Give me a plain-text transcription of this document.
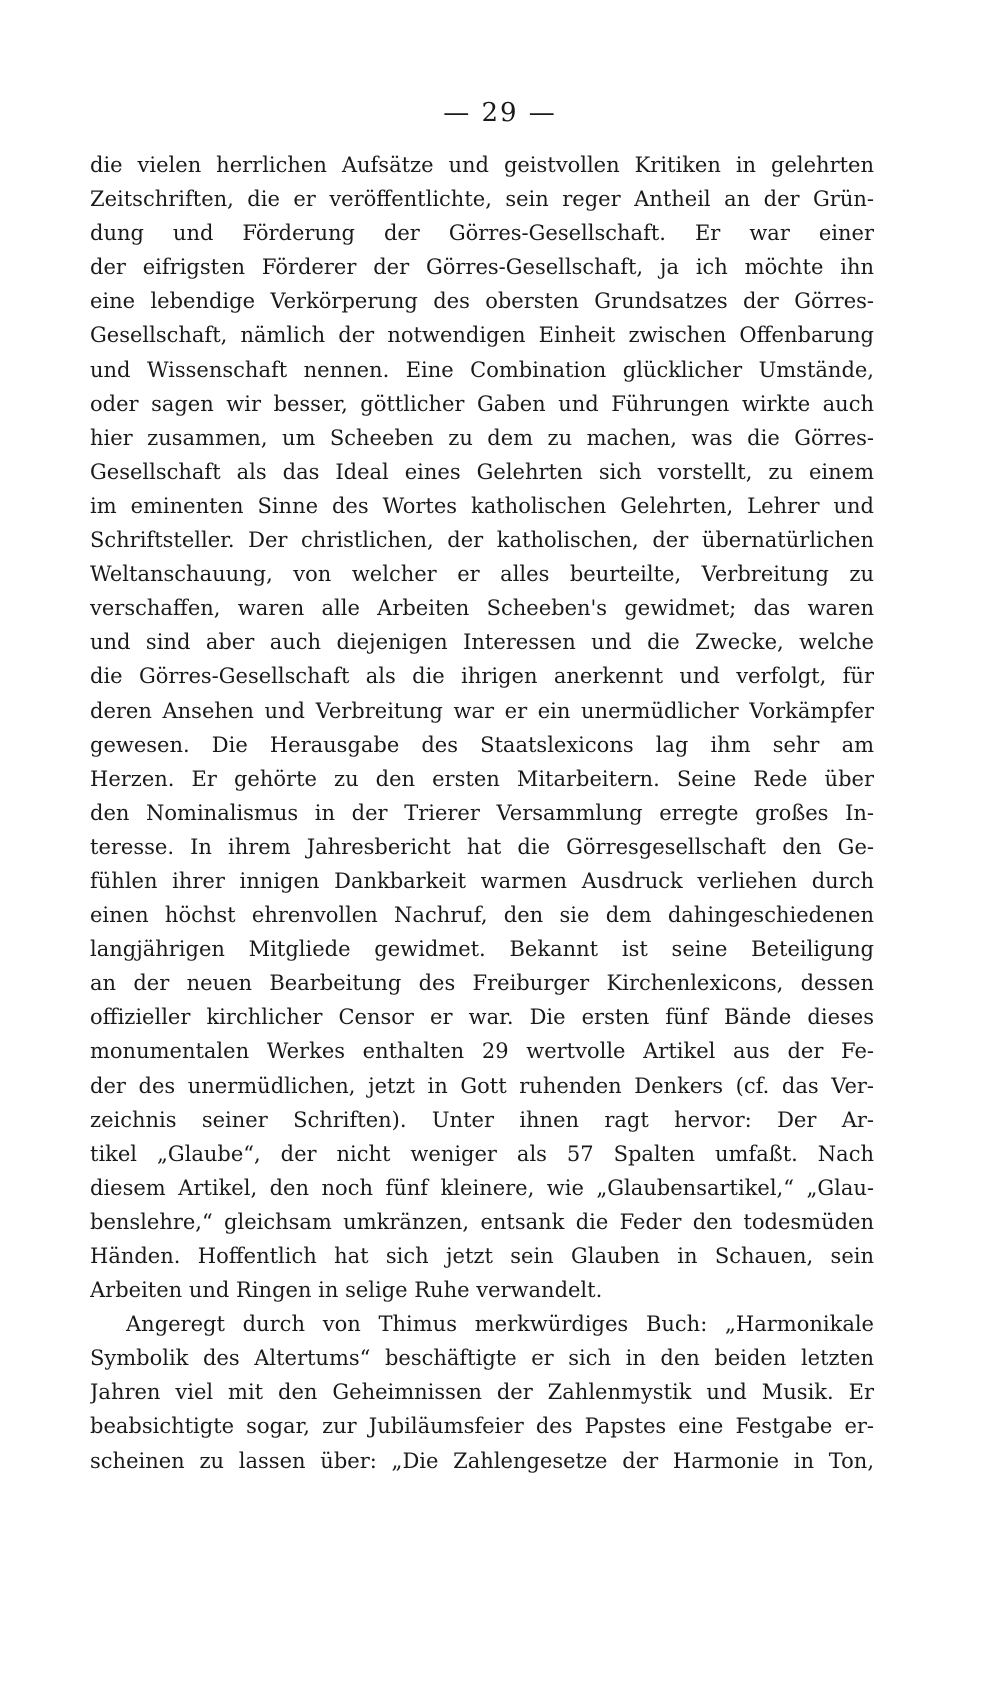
— 29 —
die vielen herrlichen Aufsätze und geistvollen Kritiken in gelehrten
Zeitschriften, die er veröffentlichte, sein reger Antheil an der Grün-
dung und Förderung der Görres-Gesellschaft. Er war einer
der eifrigsten Förderer der Görres-Gesellschaft, ja ich möchte ihn
eine lebendige Verkörperung des obersten Grundsatzes der Görres-
Gesellschaft, nämlich der notwendigen Einheit zwischen Offenbarung
und Wissenschaft nennen. Eine Combination glücklicher Umstände,
oder sagen wir besser, göttlicher Gaben und Führungen wirkte auch
hier zusammen, um Scheeben zu dem zu machen, was die Görres-
Gesellschaft als das Ideal eines Gelehrten sich vorstellt, zu einem
im eminenten Sinne des Wortes katholischen Gelehrten, Lehrer und
Schriftsteller. Der christlichen, der katholischen, der übernatürlichen
Weltanschauung, von welcher er alles beurteilte, Verbreitung zu
verschaffen, waren alle Arbeiten Scheeben's gewidmet; das waren
und sind aber auch diejenigen Interessen und die Zwecke, welche
die Görres-Gesellschaft als die ihrigen anerkennt und verfolgt, für
deren Ansehen und Verbreitung war er ein unermüdlicher Vorkämpfer
gewesen. Die Herausgabe des Staatslexicons lag ihm sehr am
Herzen. Er gehörte zu den ersten Mitarbeitern. Seine Rede über
den Nominalismus in der Trierer Versammlung erregte großes In-
teresse. In ihrem Jahresbericht hat die Görresgesellschaft den Ge-
fühlen ihrer innigen Dankbarkeit warmen Ausdruck verliehen durch
einen höchst ehrenvollen Nachruf, den sie dem dahingeschiedenen
langjährigen Mitgliede gewidmet. Bekannt ist seine Beteiligung
an der neuen Bearbeitung des Freiburger Kirchenlexicons, dessen
offizieller kirchlicher Censor er war. Die ersten fünf Bände dieses
monumentalen Werkes enthalten 29 wertvolle Artikel aus der Fe-
der des unermüdlichen, jetzt in Gott ruhenden Denkers (cf. das Ver-
zeichnis seiner Schriften). Unter ihnen ragt hervor: Der Ar-
tikel „Glaube“, der nicht weniger als 57 Spalten umfaßt. Nach
diesem Artikel, den noch fünf kleinere, wie „Glaubensartikel,“ „Glau-
benslehre,“ gleichsam umkränzen, entsank die Feder den todesmüden
Händen. Hoffentlich hat sich jetzt sein Glauben in Schauen, sein
Arbeiten und Ringen in selige Ruhe verwandelt.
Angeregt durch von Thimus merkwürdiges Buch: „Harmonikale
Symbolik des Altertums“ beschäftigte er sich in den beiden letzten
Jahren viel mit den Geheimnissen der Zahlenmystik und Musik. Er
beabsichtigte sogar, zur Jubiläumsfeier des Papstes eine Festgabe er-
scheinen zu lassen über: „Die Zahlengesetze der Harmonie in Ton,
